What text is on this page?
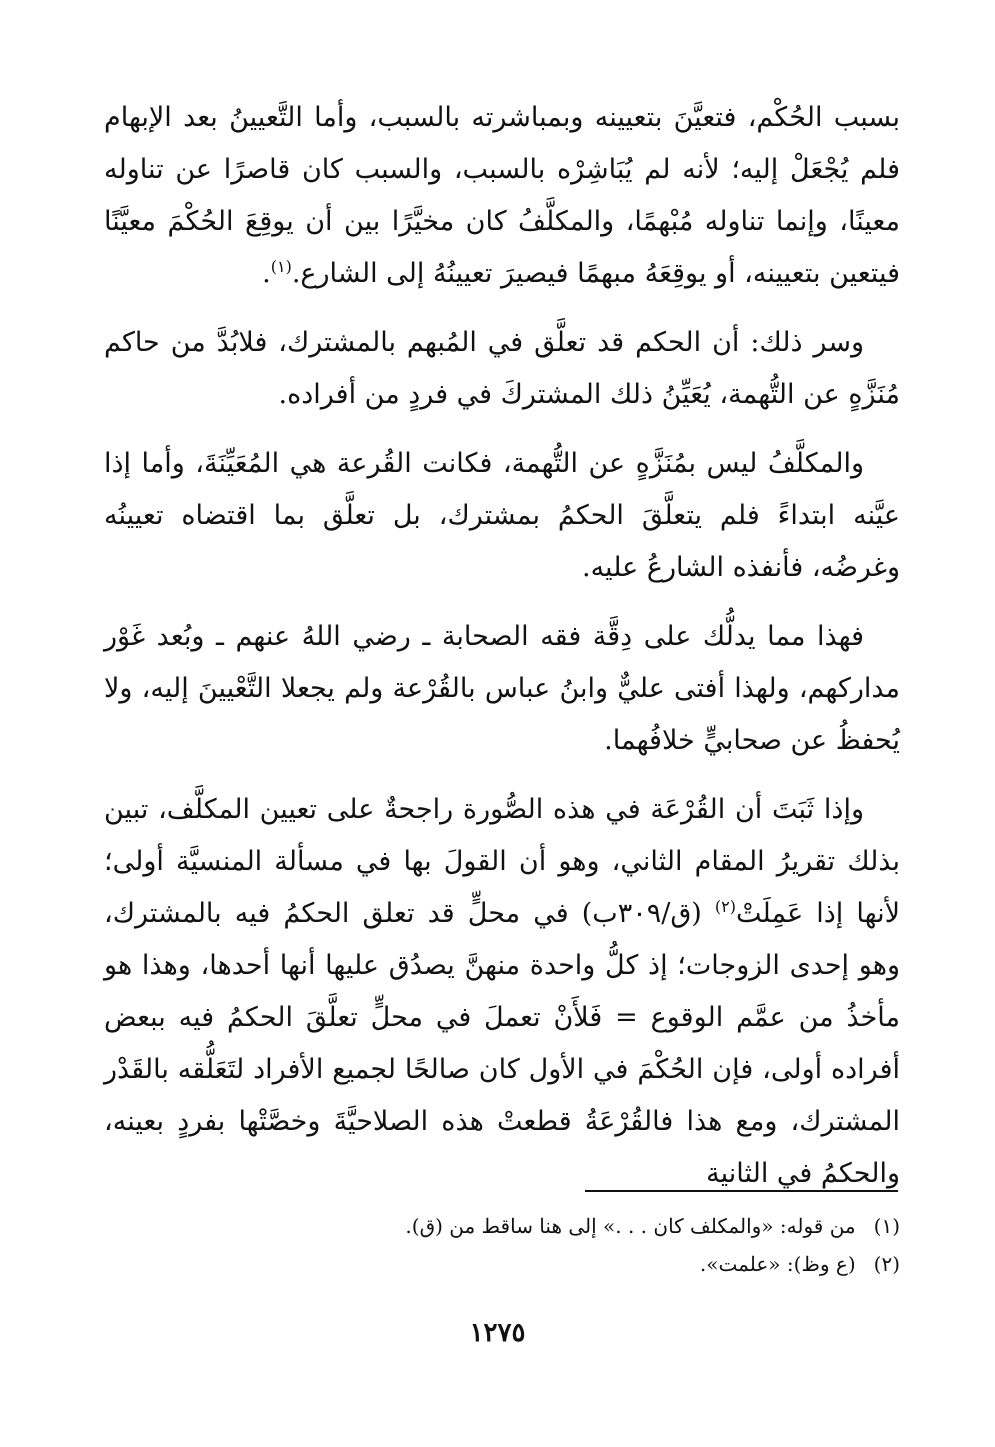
بسبب الحُكْم، فتعيَّنَ بتعيينه وبمباشرته بالسبب، وأما التَّعيينُ بعد الإبهام فلم يُجْعَلْ إليه؛ لأنه لم يُبَاشِرْه بالسبب، والسبب كان قاصرًا عن تناوله معينًا، وإنما تناوله مُبْهمًا، والمكلَّفُ كان مخيَّرًا بين أن يوقِعَ الحُكْمَ معيَّنًا فيتعين بتعيينه، أو يوقِعَهُ مبهمًا فيصيرَ تعيينُهُ إلى الشارع.$^{(١)}$.

وسر ذلك: أن الحكم قد تعلَّق في المُبهم بالمشترك، فلابُدَّ من حاكم مُنَزَّهٍ عن التُّهمة، يُعَيِّنُ ذلك المشتركَ في فردٍ من أفراده.

والمكلَّفُ ليس بمُنَزَّهٍ عن التُّهمة، فكانت القُرعة هي المُعَيِّنَةَ، وأما إذا عيَّنه ابتداءً فلم يتعلَّقَ الحكمُ بمشترك، بل تعلَّق بما اقتضاه تعيينُه وغرضُه، فأنفذه الشارعُ عليه.

فهذا مما يدلُّك على دِقَّة فقه الصحابة ـ رضي اللهُ عنهم ـ وبُعد غَوْر مداركهم، ولهذا أفتى عليٌّ وابنُ عباس بالقُرْعة ولم يجعلا التَّعْيينَ إليه، ولا يُحفظُ عن صحابيٍّ خلافُهما.

وإذا ثَبَتَ أن القُرْعَة في هذه الصُّورة راجحةٌ على تعيين المكلَّف، تبين بذلك تقريرُ المقام الثاني، وهو أن القولَ بها في مسألة المنسيَّة أولى؛ لأنها إذا عَمِلَتْ$^{(٢)}$ (ق/٣٠٩ب) في محلٍّ قد تعلق الحكمُ فيه بالمشترك، وهو إحدى الزوجات؛ إذ كلُّ واحدة منهنَّ يصدُق عليها أنها أحدها، وهذا هو مأخذُ من عمَّم الوقوع = فَلأَنْ تعملَ في محلٍّ تعلَّقَ الحكمُ فيه ببعض أفراده أولى، فإن الحُكْمَ في الأول كان صالحًا لجميع الأفراد لتَعَلُّقه بالقَدْر المشترك، ومع هذا فالقُرْعَةُ قطعتْ هذه الصلاحيَّةَ وخصَّتْها بفردٍ بعينه، والحكمُ في الثانية

(١) من قوله: «والمكلف كان . . .» إلى هنا ساقط من (ق).

(٢) (ع وظ): «علمت».

١٢٧٥
